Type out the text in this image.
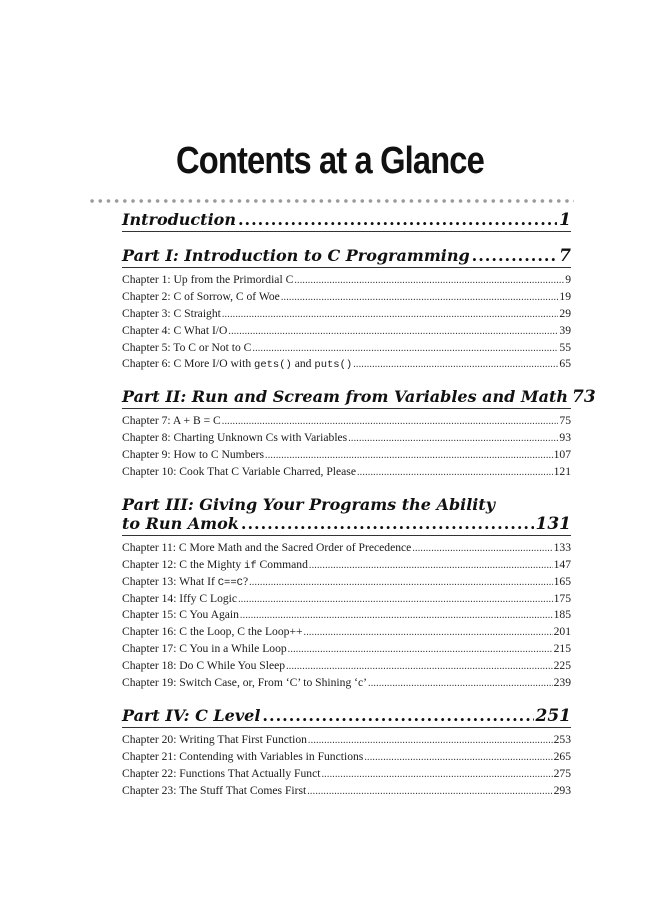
Contents at a Glance
Introduction .....	1
Part I: Introduction to C Programming .....	7
Chapter 1: Up from the Primordial C .....	9
Chapter 2: C of Sorrow, C of Woe .....	19
Chapter 3: C Straight .....	29
Chapter 4: C What I/O .....	39
Chapter 5: To C or Not to C .....	55
Chapter 6: C More I/O with gets() and puts() .....	65
Part II: Run and Scream from Variables and Math 73
Chapter 7: A + B = C .....	75
Chapter 8: Charting Unknown Cs with Variables .....	93
Chapter 9: How to C Numbers .....	107
Chapter 10: Cook That C Variable Charred, Please .....	121
Part III: Giving Your Programs the Ability
to Run Amok .....	131
Chapter 11: C More Math and the Sacred Order of Precedence .....	133
Chapter 12: C the Mighty if Command .....	147
Chapter 13: What If C==C? .....	165
Chapter 14: Iffy C Logic .....	175
Chapter 15: C You Again .....	185
Chapter 16: C the Loop, C the Loop++ .....	201
Chapter 17: C You in a While Loop .....	215
Chapter 18: Do C While You Sleep .....	225
Chapter 19: Switch Case, or, From ‘C’ to Shining ‘c’ .....	239
Part IV: C Level .....	251
Chapter 20: Writing That First Function .....	253
Chapter 21: Contending with Variables in Functions .....	265
Chapter 22: Functions That Actually Funct .....	275
Chapter 23: The Stuff That Comes First .....	293
